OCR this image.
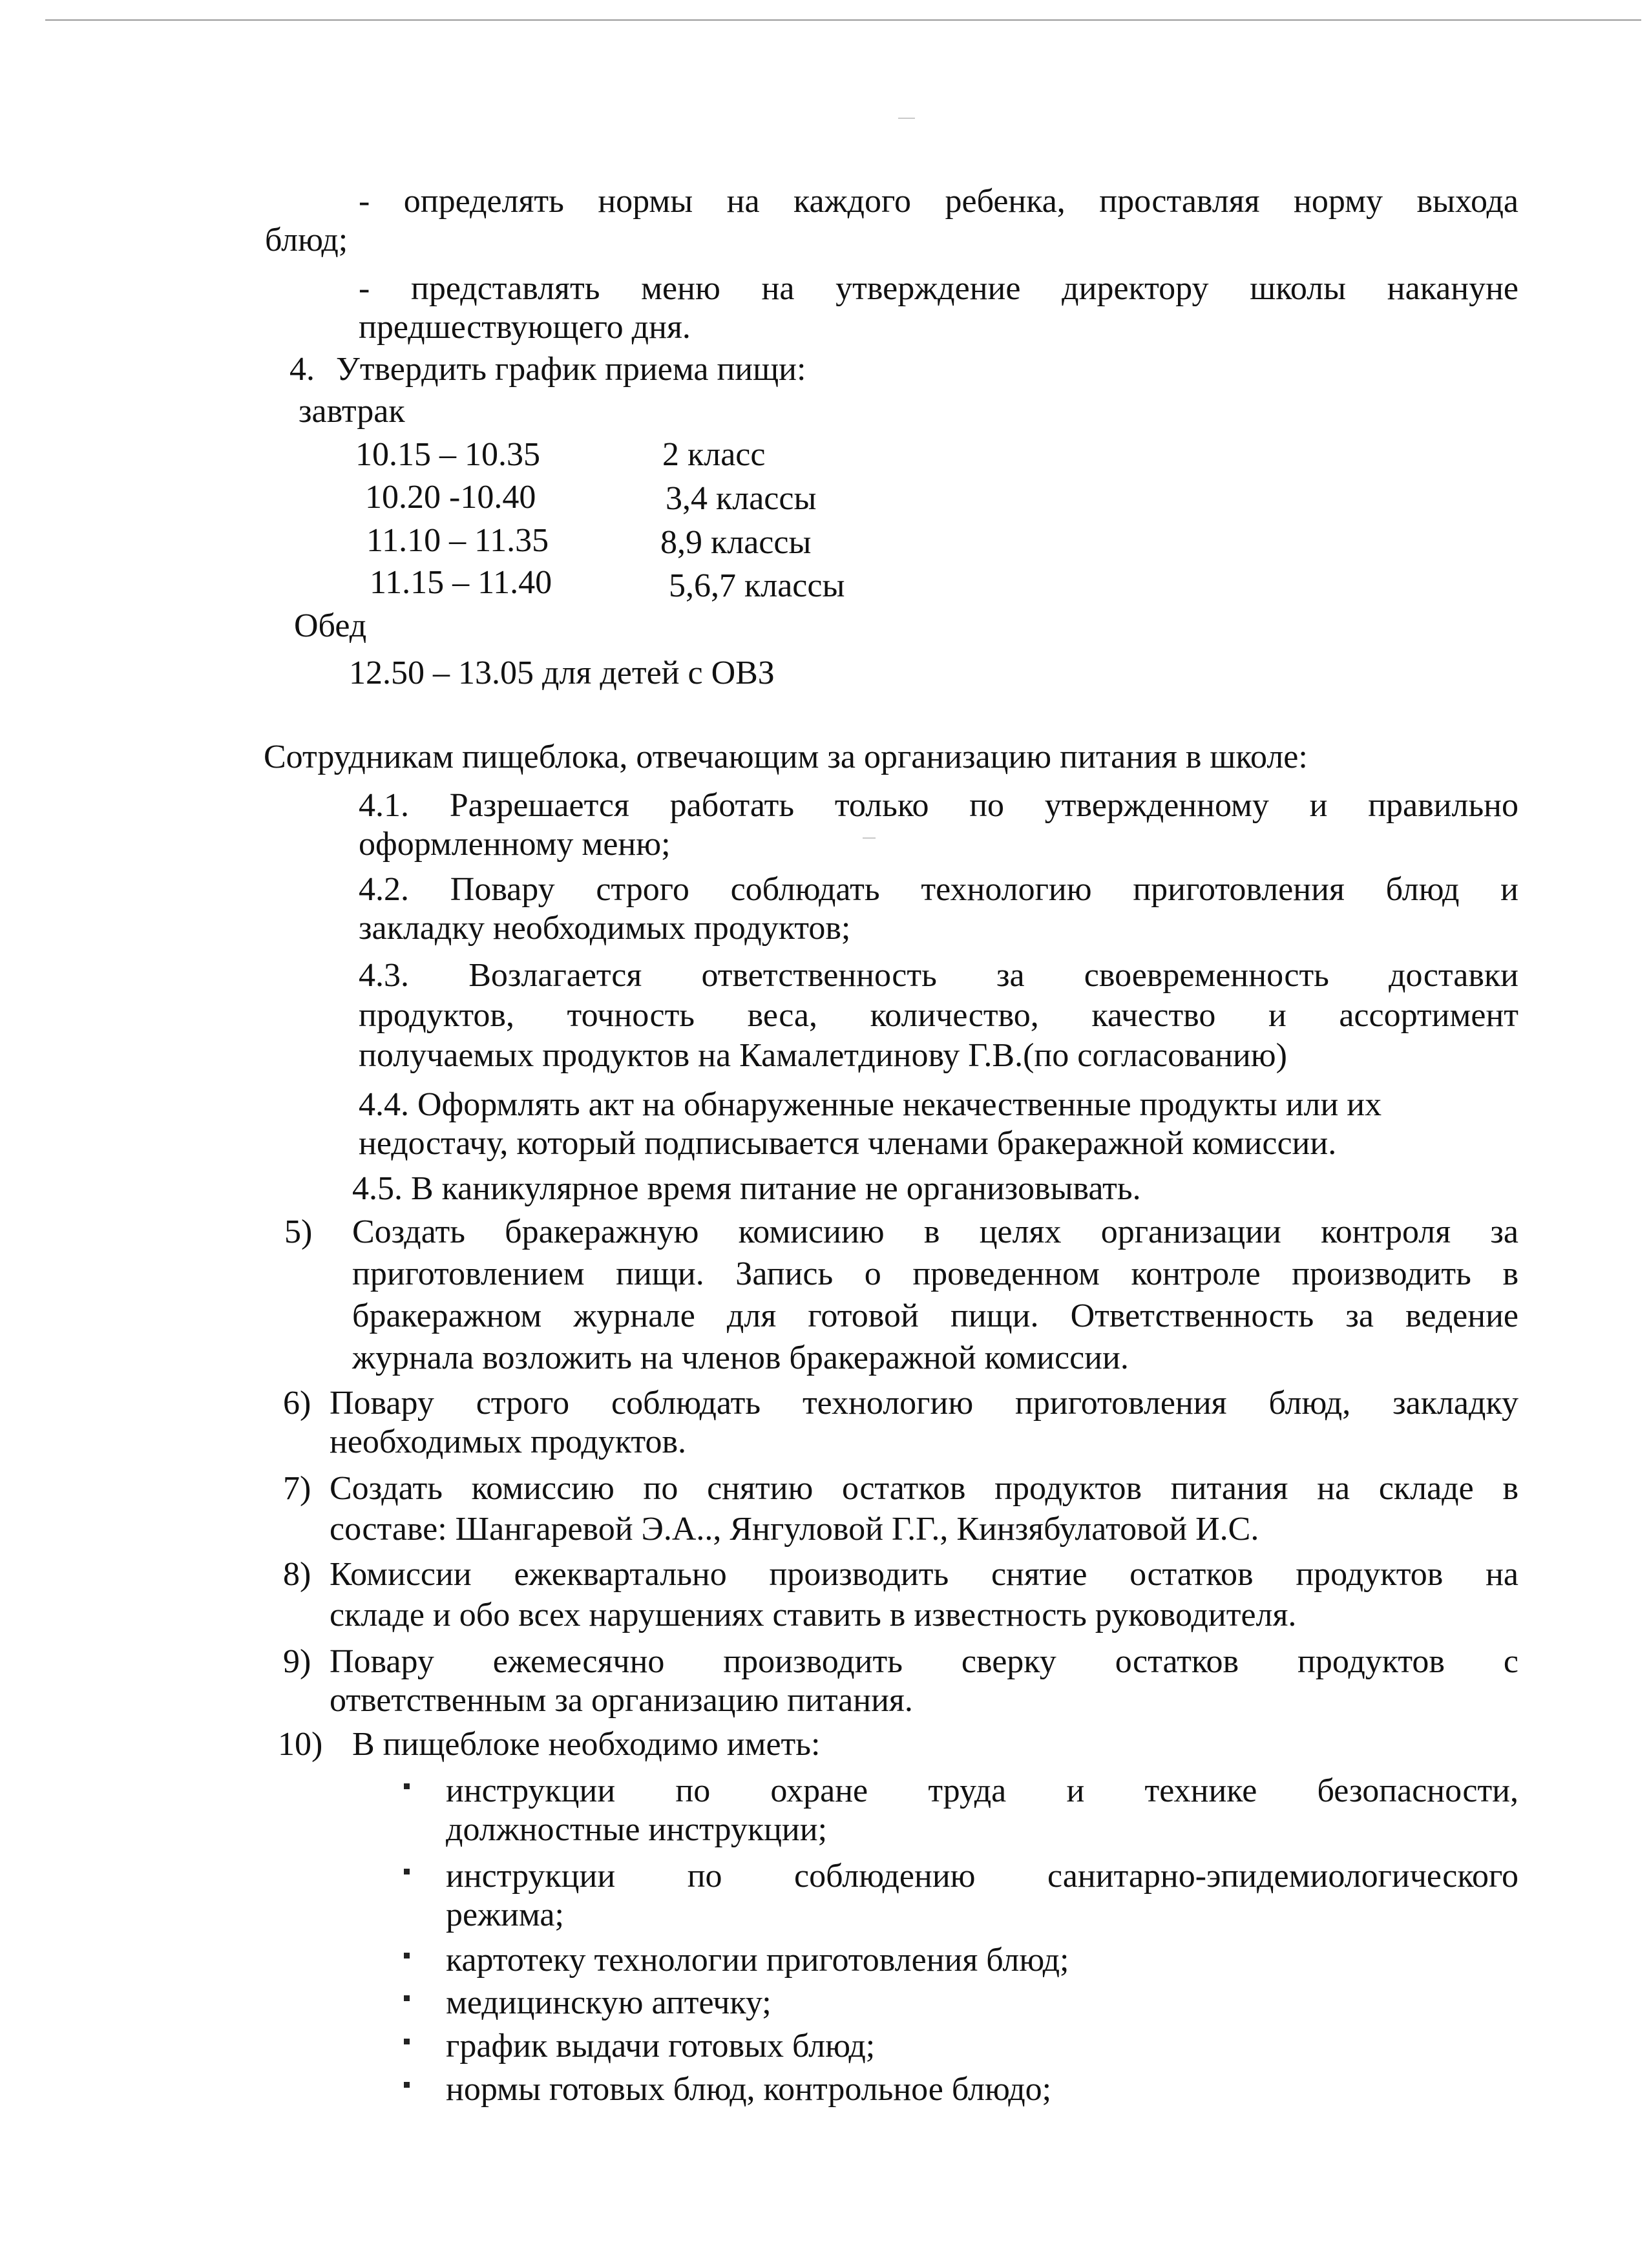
- определять нормы на каждого ребенка, проставляя норму выхода
блюд;
- представлять меню на утверждение директору школы накануне
предшествующего дня.
4. Утвердить график приема пищи:
завтрак
10.15 – 10.35	2 класс
10.20 -10.40	3,4 классы
11.10 – 11.35	8,9 классы
11.15 – 11.40	5,6,7 классы
Обед
12.50 – 13.05 для детей с ОВЗ
Сотрудникам пищеблока, отвечающим за организацию питания в школе:
4.1. Разрешается работать только по утвержденному и правильно
оформленному меню;
4.2. Повару строго соблюдать технологию приготовления блюд и
закладку необходимых продуктов;
4.3. Возлагается ответственность за своевременность доставки
продуктов, точность веса, количество, качество и ассортимент
получаемых продуктов на Камалетдинову Г.В.(по согласованию)
4.4. Оформлять акт на обнаруженные некачественные продукты или их
недостачу, который подписывается членами бракеражной комиссии.
4.5. В каникулярное время питание не организовывать.
5) Создать бракеражную комисиию в целях организации контроля за
приготовлением пищи. Запись о проведенном контроле производить в
бракеражном журнале для готовой пищи. Ответственность за ведение
журнала возложить на членов бракеражной комиссии.
6) Повару строго соблюдать технологию приготовления блюд, закладку
необходимых продуктов.
7) Создать комиссию по снятию остатков продуктов питания на складе в
составе: Шангаревой Э.А.., Янгуловой Г.Г., Кинзябулатовой И.С.
8) Комиссии ежеквартально производить снятие остатков продуктов на
складе и обо всех нарушениях ставить в известность руководителя.
9) Повару ежемесячно производить сверку остатков продуктов с
ответственным за организацию питания.
10) В пищеблоке необходимо иметь:
инструкции по охране труда и технике безопасности,
должностные инструкции;
инструкции по соблюдению санитарно-эпидемиологического
режима;
картотеку технологии приготовления блюд;
медицинскую аптечку;
график выдачи готовых блюд;
нормы готовых блюд, контрольное блюдо;
